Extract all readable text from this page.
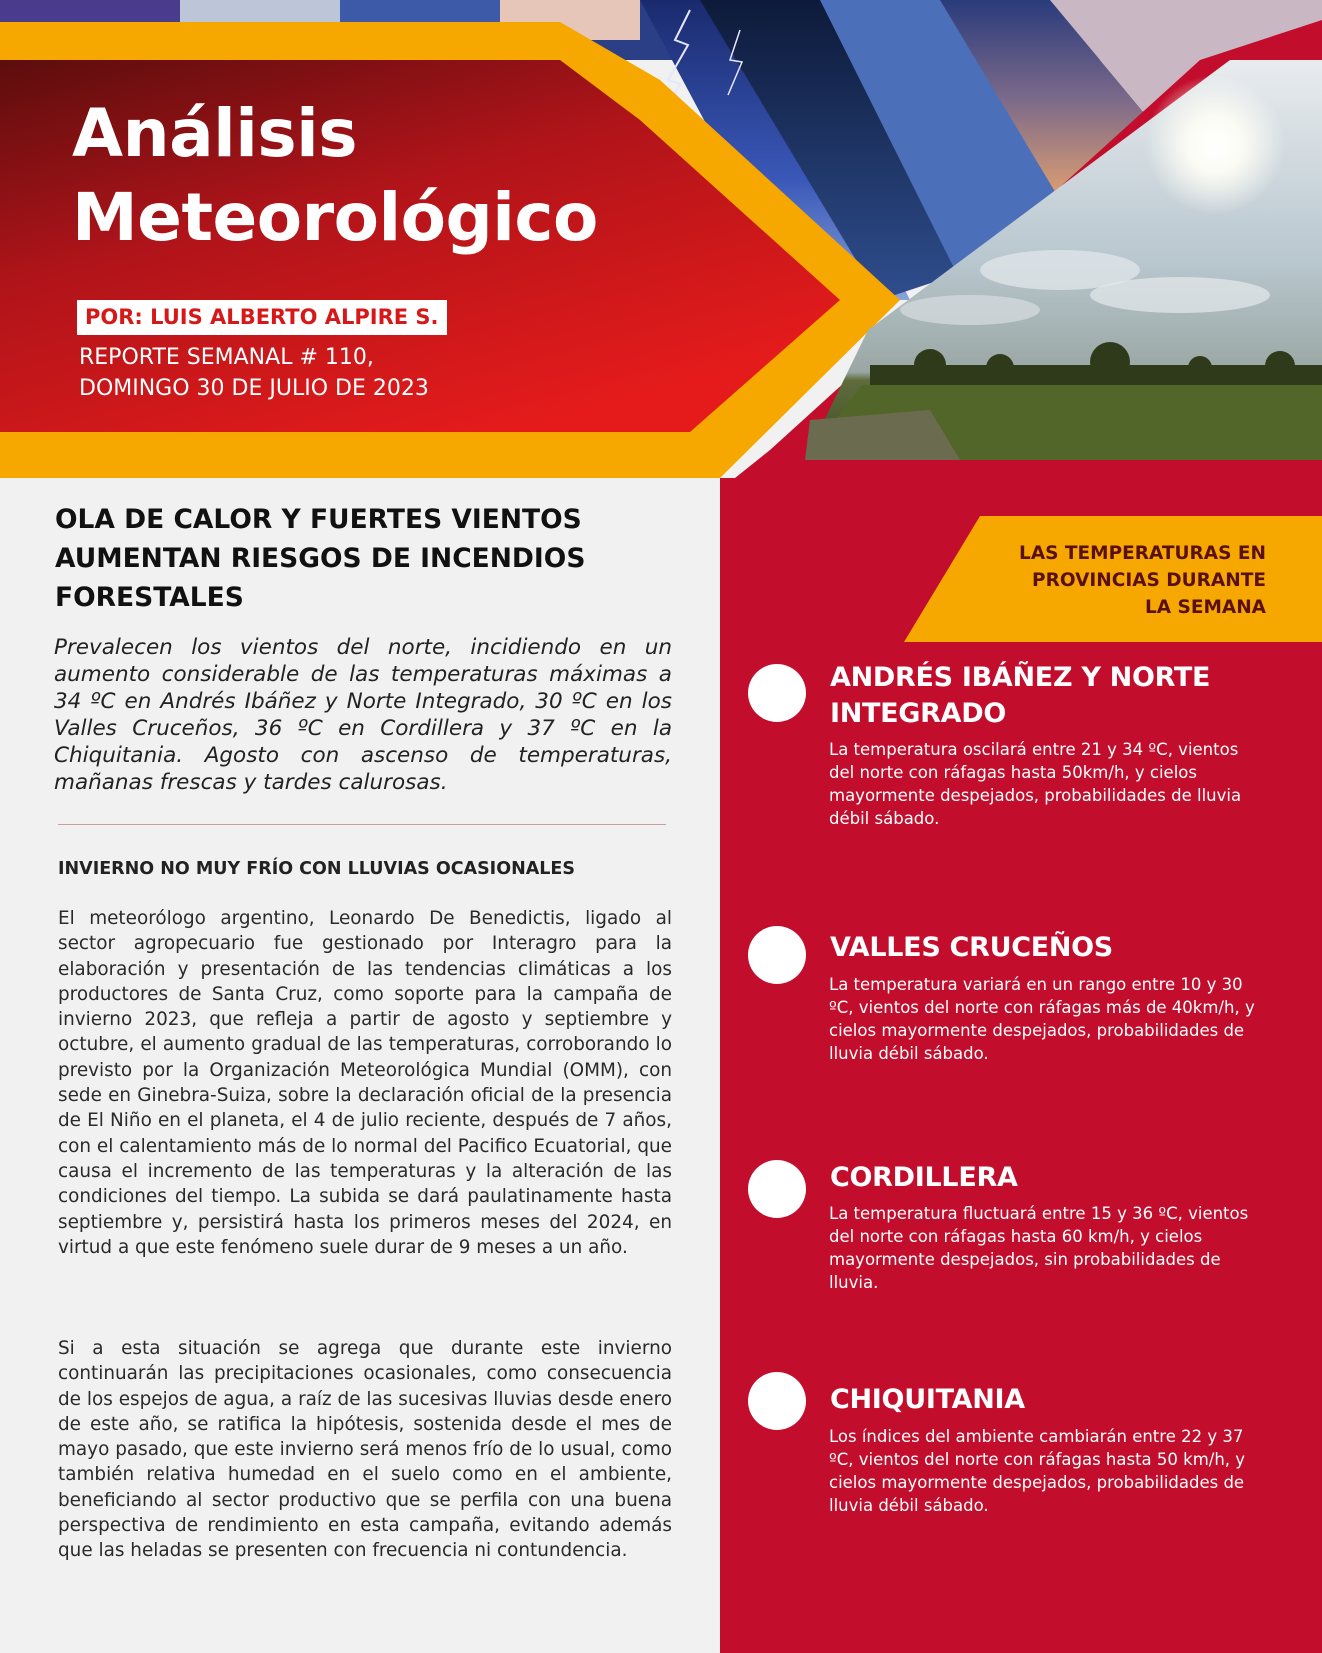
Análisis
Meteorológico
POR: LUIS ALBERTO ALPIRE S.
REPORTE SEMANAL # 110,
DOMINGO 30 DE JULIO DE 2023
LAS TEMPERATURAS EN
PROVINCIAS DURANTE
LA SEMANA
ANDRÉS IBÁÑEZ Y NORTE INTEGRADO

La temperatura oscilará entre 21 y 34 ºC, vientos del norte con ráfagas hasta 50km/h, y cielos mayormente despejados, probabilidades de lluvia débil sábado.

VALLES CRUCEÑOS

La temperatura variará en un rango entre 10 y 30 ºC, vientos del norte con ráfagas más de 40km/h, y cielos mayormente despejados, probabilidades de lluvia débil sábado.

CORDILLERA

La temperatura fluctuará entre 15 y 36 ºC, vientos del norte con ráfagas hasta 60 km/h, y cielos mayormente despejados, sin probabilidades de lluvia.

CHIQUITANIA

Los índices del ambiente cambiarán entre 22 y 37 ºC, vientos del norte con ráfagas hasta 50 km/h, y cielos mayormente despejados, probabilidades de lluvia débil sábado.

OLA DE CALOR Y FUERTES VIENTOS AUMENTAN RIESGOS DE INCENDIOS FORESTALES

Prevalecen los vientos del norte, incidiendo en un aumento considerable de las temperaturas máximas a 34 ºC en Andrés Ibáñez y Norte Integrado, 30 ºC en los Valles Cruceños, 36 ºC en Cordillera y 37 ºC en la Chiquitania. Agosto con ascenso de temperaturas, mañanas frescas y tardes calurosas.

INVIERNO NO MUY FRÍO CON LLUVIAS OCASIONALES

El meteorólogo argentino, Leonardo De Benedictis, ligado al sector agropecuario fue gestionado por Interagro para la elaboración y presentación de las tendencias climáticas a los productores de Santa Cruz, como soporte para la campaña de invierno 2023, que refleja a partir de agosto y septiembre y octubre, el aumento gradual de las temperaturas, corroborando lo previsto por la Organización Meteorológica Mundial (OMM), con sede en Ginebra-Suiza, sobre la declaración oficial de la presencia de El Niño en el planeta, el 4 de julio reciente, después de 7 años, con el calentamiento más de lo normal del Pacifico Ecuatorial, que causa el incremento de las temperaturas y la alteración de las condiciones del tiempo. La subida se dará paulatinamente hasta septiembre y, persistirá hasta los primeros meses del 2024, en virtud a que este fenómeno suele durar de 9 meses a un año.

Si a esta situación se agrega que durante este invierno continuarán las precipitaciones ocasionales, como consecuencia de los espejos de agua, a raíz de las sucesivas lluvias desde enero de este año, se ratifica la hipótesis, sostenida desde el mes de mayo pasado, que este invierno será menos frío de lo usual, como también relativa humedad en el suelo como en el ambiente, beneficiando al sector productivo que se perfila con una buena perspectiva de rendimiento en esta campaña, evitando además que las heladas se presenten con frecuencia ni contundencia.
